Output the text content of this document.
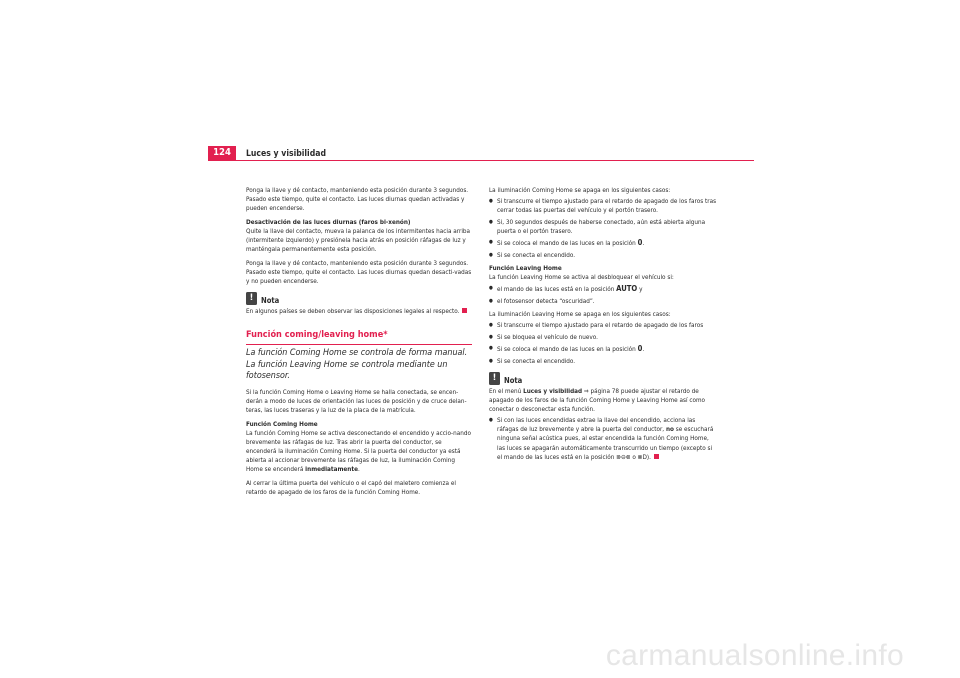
124	Luces y visibilidad

Ponga la llave y dé contacto, manteniendo esta posición durante 3 segundos. Pasado este tiempo, quite el contacto. Las luces diurnas quedan activadas y pueden encenderse.

Desactivación de las luces diurnas (faros bi-xenón)

Quite la llave del contacto, mueva la palanca de los intermitentes hacia arriba (intermitente izquierdo) y presiónela hacia atrás en posición ráfagas de luz y manténgala permanentemente esta posición.

Ponga la llave y dé contacto, manteniendo esta posición durante 3 segundos. Pasado este tiempo, quite el contacto. Las luces diurnas quedan desacti-vadas y no pueden encenderse.

!	Nota

En algunos países se deben observar las disposiciones legales al respecto.

Función coming/leaving home*
La función Coming Home se controla de forma manual. La función Leaving Home se controla mediante un fotosensor.

Si la función Coming Home o Leaving Home se halla conectada, se encen-derán a modo de luces de orientación las luces de posición y de cruce delan-teras, las luces traseras y la luz de la placa de la matrícula.

Función Coming Home

La función Coming Home se activa desconectando el encendido y accio-nando brevemente las ráfagas de luz. Tras abrir la puerta del conductor, se encenderá la iluminación Coming Home. Si la puerta del conductor ya está abierta al accionar brevemente las ráfagas de luz, la iluminación Coming Home se encenderá inmediatamente.

Al cerrar la última puerta del vehículo o el capó del maletero comienza el retardo de apagado de los faros de la función Coming Home.

La iluminación Coming Home se apaga en los siguientes casos:

● Si transcurre el tiempo ajustado para el retardo de apagado de los faros tras cerrar todas las puertas del vehículo y el portón trasero.
● Si, 30 segundos después de haberse conectado, aún está abierta alguna puerta o el portón trasero.
● Si se coloca el mando de las luces en la posición 0.
● Si se conecta el encendido.

Función Leaving Home

La función Leaving Home se activa al desbloquear el vehículo si:

● el mando de las luces está en la posición AUTO y
● el fotosensor detecta “oscuridad”.

La iluminación Leaving Home se apaga en los siguientes casos:

● Si transcurre el tiempo ajustado para el retardo de apagado de los faros
● Si se bloquea el vehículo de nuevo.
● Si se coloca el mando de las luces en la posición 0.
● Si se conecta el encendido.
!	Nota

En el menú Luces y visibilidad ⇒ página 78 puede ajustar el retardo de apagado de los faros de la función Coming Home y Leaving Home así como conectar o desconectar esta función.

● Si con las luces encendidas extrae la llave del encendido, acciona las ráfagas de luz brevemente y abre la puerta del conductor, no se escuchará ninguna señal acústica pues, al estar encendida la función Coming Home, las luces se apagarán automáticamente transcurrido un tiempo (excepto si el mando de las luces está en la posición ⋑⊖⋐ o ≣D).
carmanualsonline.info
